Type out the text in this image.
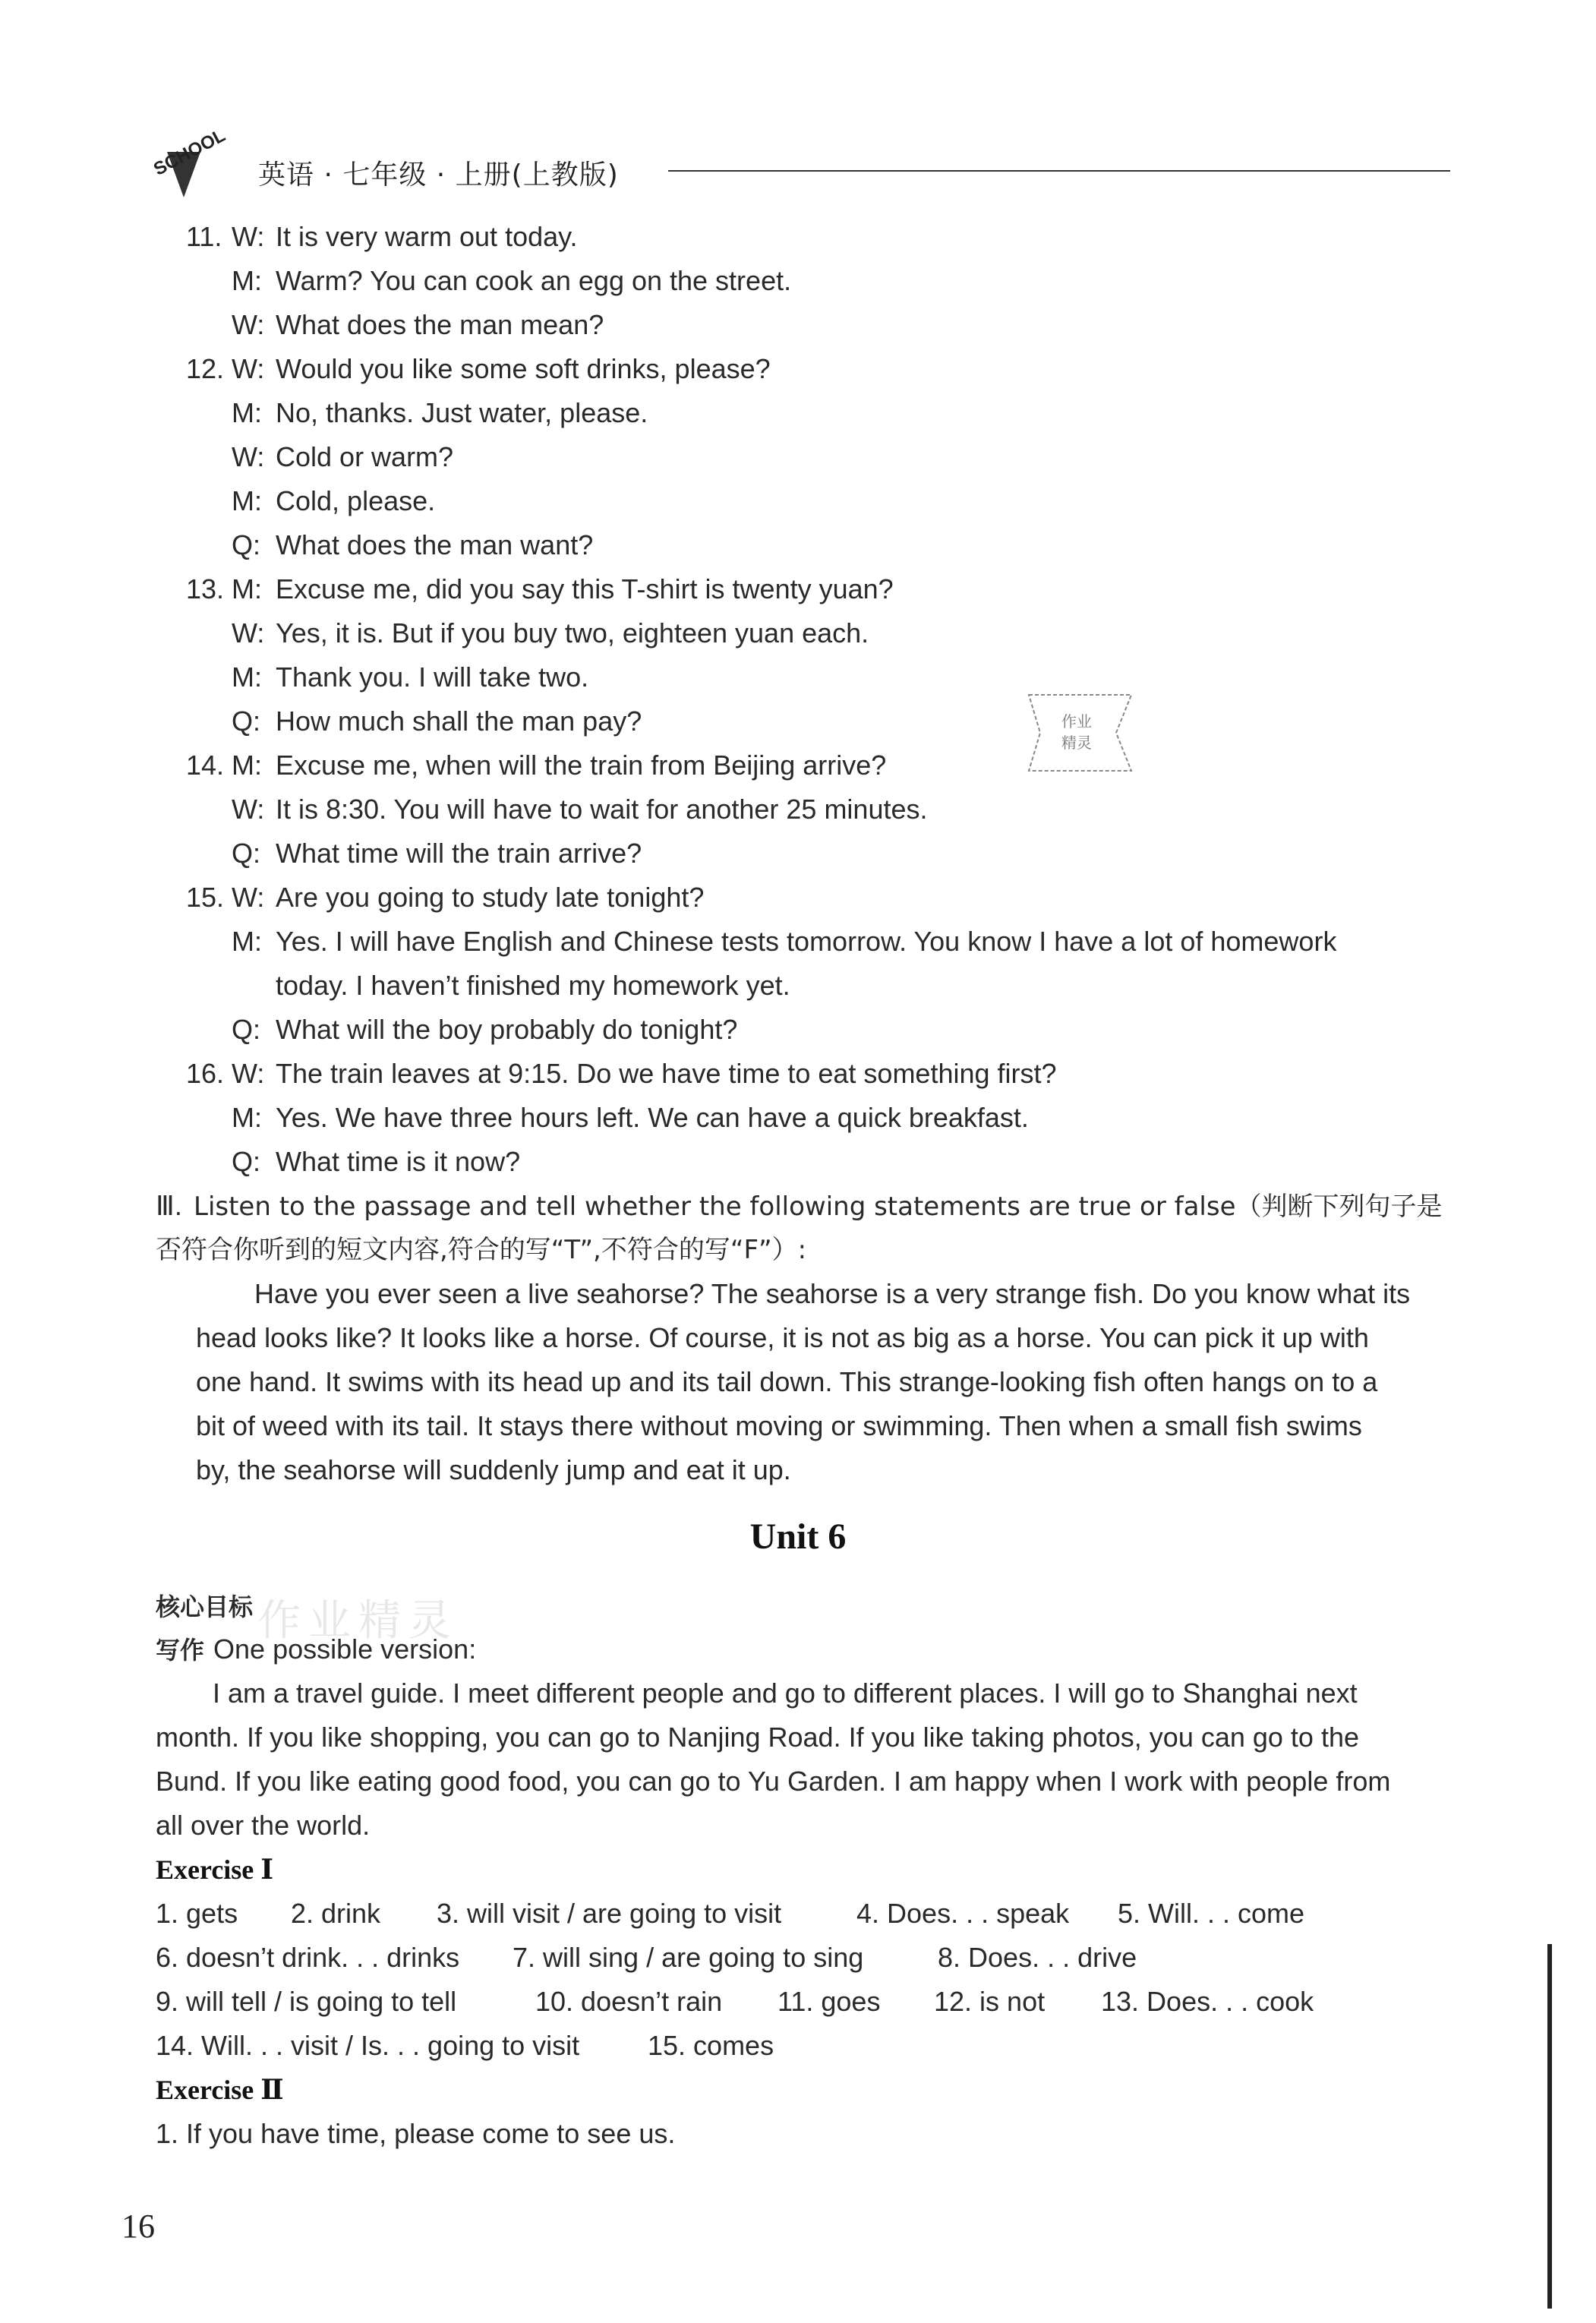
SCHOOL 英语 · 七年级 · 上册(上教版)
11. W: It is very warm out today.
M: Warm? You can cook an egg on the street.
W: What does the man mean?
12. W: Would you like some soft drinks, please?
M: No, thanks. Just water, please.
W: Cold or warm?
M: Cold, please.
Q: What does the man want?
13. M: Excuse me, did you say this T-shirt is twenty yuan?
W: Yes, it is. But if you buy two, eighteen yuan each.
M: Thank you. I will take two.
Q: How much shall the man pay?
14. M: Excuse me, when will the train from Beijing arrive?
W: It is 8:30. You will have to wait for another 25 minutes.
Q: What time will the train arrive?
15. W: Are you going to study late tonight?
M: Yes. I will have English and Chinese tests tomorrow. You know I have a lot of homework
today. I haven’t finished my homework yet.
Q: What will the boy probably do tonight?
16. W: The train leaves at 9:15. Do we have time to eat something first?
M: Yes. We have three hours left. We can have a quick breakfast.
Q: What time is it now?
Ⅲ. Listen to the passage and tell whether the following statements are true or false（判断下列句子是
否符合你听到的短文内容,符合的写“T”,不符合的写“F”）:
Have you ever seen a live seahorse? The seahorse is a very strange fish. Do you know what its
head looks like? It looks like a horse. Of course, it is not as big as a horse. You can pick it up with
one hand. It swims with its head up and its tail down. This strange-looking fish often hangs on to a
bit of weed with its tail. It stays there without moving or swimming. Then when a small fish swims
by, the seahorse will suddenly jump and eat it up.
Unit 6
核心目标
写作 One possible version:
I am a travel guide. I meet different people and go to different places. I will go to Shanghai next
month. If you like shopping, you can go to Nanjing Road. If you like taking photos, you can go to the
Bund. If you like eating good food, you can go to Yu Garden. I am happy when I work with people from
all over the world.
Exercise Ⅰ
1. gets 2. drink 3. will visit / are going to visit	4. Does. . . speak 5. Will. . . come
6. doesn’t drink. . . drinks 7. will sing / are going to sing	8. Does. . . drive
9. will tell / is going to tell	10. doesn’t rain 11. goes 12. is not 13. Does. . . cook
14. Will. . . visit / Is. . . going to visit 15. comes
Exercise Ⅱ
1. If you have time, please come to see us.
作业
精灵
作业精灵
16
